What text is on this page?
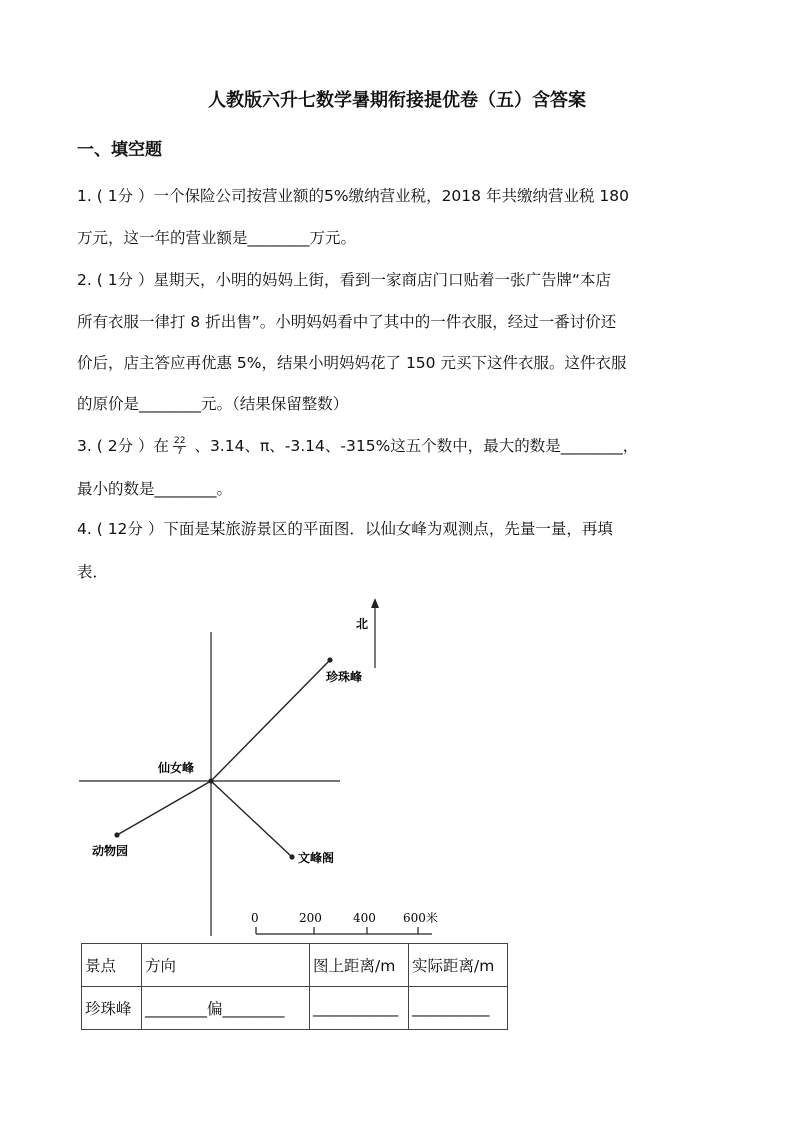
人教版六升七数学暑期衔接提优卷（五）含答案
一、填空题
1. ( 1分 ）一个保险公司按营业额的5%缴纳营业税，2018 年共缴纳营业税 180
万元，这一年的营业额是________万元。
2. ( 1分 ）星期天，小明的妈妈上街，看到一家商店门口贴着一张广告牌“本店
所有衣服一律打 8 折出售”。小明妈妈看中了其中的一件衣服，经过一番讨价还
价后，店主答应再优惠 5%，结果小明妈妈花了 150 元买下这件衣服。这件衣服
的原价是________元。（结果保留整数）
3. ( 2分 ）在 $\frac{22}{7}$ 、3.14、π、-3.14、-315%这五个数中，最大的数是________，
最小的数是________。
4. ( 12分 ）下面是某旅游景区的平面图．以仙女峰为观测点，先量一量，再填
表．
北
仙女峰
珍珠峰
动物园	文峰阁
0	200	400 600米
景点	方向	图上距离/m	实际距离/m
珍珠峰	________偏________	___________	__________
